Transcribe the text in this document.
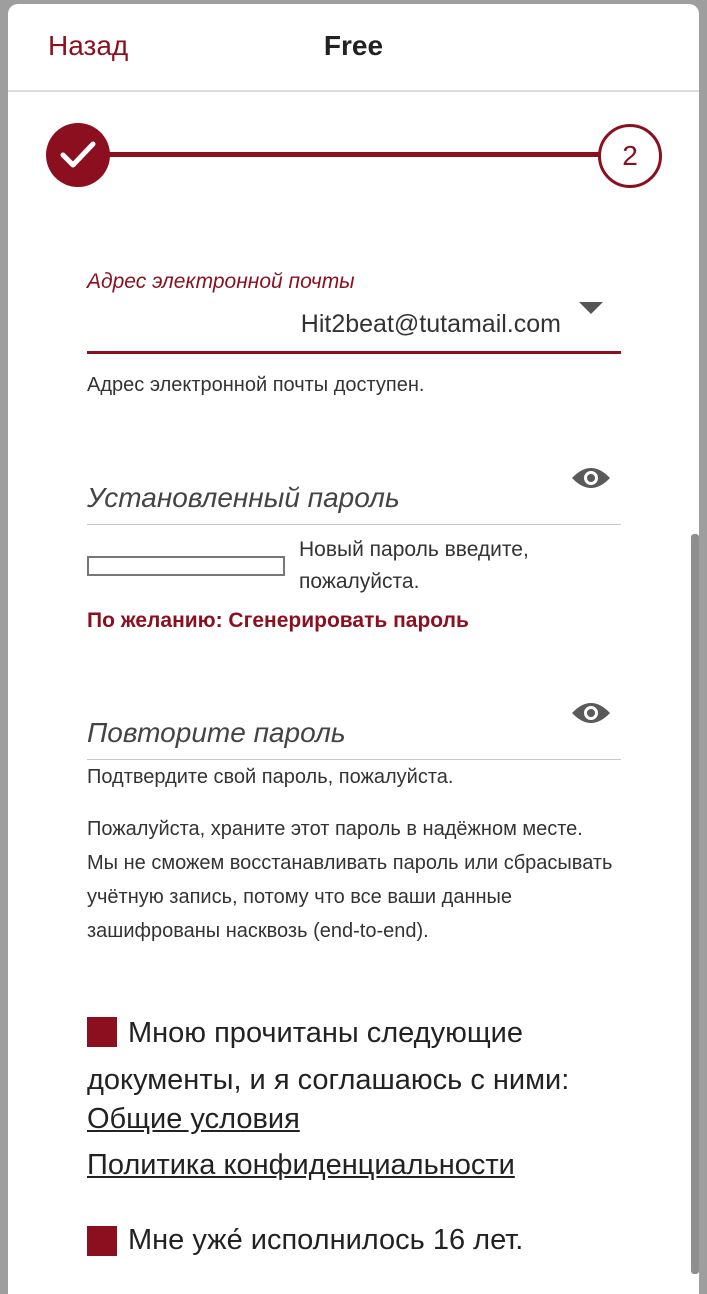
Назад	Free
2
Адрес электронной почты
Hit2beat@tutamail.com
Адрес электронной почты доступен.
Установленный пароль
Новый пароль введите, пожалуйста.
По желанию: Сгенерировать пароль
Повторите пароль
Подтвердите свой пароль, пожалуйста.
Пожалуйста, храните этот пароль в надёжном месте. Мы не сможем восстанавливать пароль или сбрасывать учётную запись, потому что все ваши данные зашифрованы насквозь (end-to-end).
Мною прочитаны следующие документы, и я соглашаюсь с ними:
Общие условия
Политика конфиденциальности
Мне уже́ исполнилось 16 лет.
